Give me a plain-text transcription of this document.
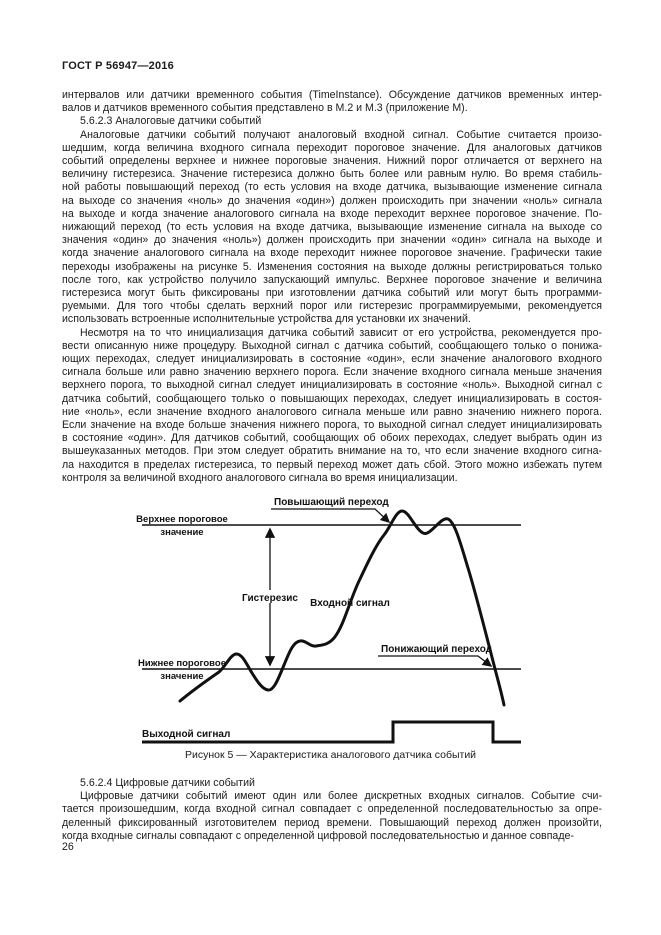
ГОСТ Р 56947—2016
интервалов или датчики временного события (TimeInstance). Обсуждение датчиков временных интер-
валов и датчиков временного события представлено в М.2 и М.3 (приложение М).
5.6.2.3 Аналоговые датчики событий
Аналоговые датчики событий получают аналоговый входной сигнал. Событие считается произо-
шедшим, когда величина входного сигнала переходит пороговое значение. Для аналоговых датчиков
событий определены верхнее и нижнее пороговые значения. Нижний порог отличается от верхнего на
величину гистерезиса. Значение гистерезиса должно быть более или равным нулю. Во время стабиль-
ной работы повышающий переход (то есть условия на входе датчика, вызывающие изменение сигнала
на выходе со значения «ноль» до значения «один») должен происходить при значении «ноль» сигнала
на выходе и когда значение аналогового сигнала на входе переходит верхнее пороговое значение. По-
нижающий переход (то есть условия на входе датчика, вызывающие изменение сигнала на выходе со
значения «один» до значения «ноль») должен происходить при значении «один» сигнала на выходе и
когда значение аналогового сигнала на входе переходит нижнее пороговое значение. Графически такие
переходы изображены на рисунке 5. Изменения состояния на выходе должны регистрироваться только
после того, как устройство получило запускающий импульс. Верхнее пороговое значение и величина
гистерезиса могут быть фиксированы при изготовлении датчика событий или могут быть программи-
руемыми. Для того чтобы сделать верхний порог или гистерезис программируемыми, рекомендуется
использовать встроенные исполнительные устройства для установки их значений.
Несмотря на то что инициализация датчика событий зависит от его устройства, рекомендуется про-
вести описанную ниже процедуру. Выходной сигнал с датчика событий, сообщающего только о понижа-
ющих переходах, следует инициализировать в состояние «один», если значение аналогового входного
сигнала больше или равно значению верхнего порога. Если значение входного сигнала меньше значения
верхнего порога, то выходной сигнал следует инициализировать в состояние «ноль». Выходной сигнал с
датчика событий, сообщающего только о повышающих переходах, следует инициализировать в состоя-
ние «ноль», если значение входного аналогового сигнала меньше или равно значению нижнего порога.
Если значение на входе больше значения нижнего порога, то выходной сигнал следует инициализировать
в состояние «один». Для датчиков событий, сообщающих об обоих переходах, следует выбрать один из
вышеуказанных методов. При этом следует обратить внимание на то, что если значение входного сигна-
ла находится в пределах гистерезиса, то первый переход может дать сбой. Этого можно избежать путем
контроля за величиной входного аналогового сигнала во время инициализации.
Повышающий переход
Понижающий переход
Верхнее пороговое
значение
Нижнее пороговое
значение
Гистерезис Входной сигнал
Выходной сигнал
Рисунок 5 — Характеристика аналогового датчика событий
5.6.2.4 Цифровые датчики событий
Цифровые датчики событий имеют один или более дискретных входных сигналов. Событие счи-
тается произошедшим, когда входной сигнал совпадает с определенной последовательностью за опре-
деленный фиксированный изготовителем период времени. Повышающий переход должен произойти,
когда входные сигналы совпадают с определенной цифровой последовательностью и данное совпаде-
26
